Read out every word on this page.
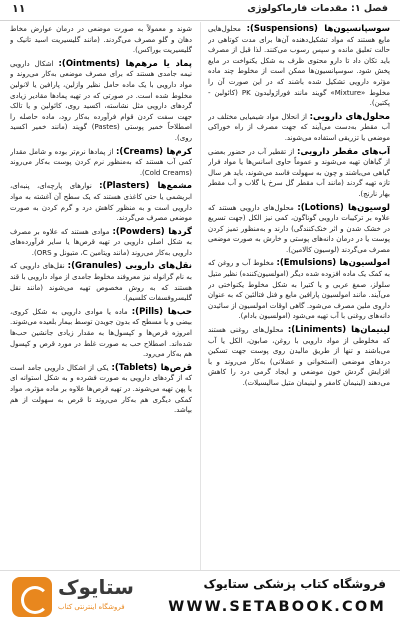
فصل ۱: مقدمات فارماکولوژی
۱۱

سوسپانسیون‌ها (Suspensions): محلول‌هایی مایع هستند که مواد تشکیل‌دهنده آن‌ها برای مدت کوتاهی در حالت تعلیق مانده و سپس رسوب می‌کنند. لذا قبل از مصرف باید تکان داد تا دارو محتوی ظرف به شکل یکنواخت در مایع پخش شود. سوسپانسیون‌ها ممکن است از مخلوط چند ماده مؤثره دارویی تشکیل شده باشند که در این صورت آن را مخلوط «Mixture» گویند مانند فوراژولیدون PK (کائولین - پکتین).

محلول‌های دارویی: از انحلال مواد شیمیایی مختلف در آب مقطر به‌دست می‌آیند که جهت مصرف از راه خوراکی موضعی یا تزریقی استفاده می‌شوند.

آب‌های مقطر دارویی: از تقطیر آب در حضور بعضی از گیاهان تهیه می‌شوند و عموماً حاوی اسانس‌ها یا مواد فرار گیاهی می‌باشند و چون به سهولت فاسد می‌شوند، باید هر سال تازه تهیه گردند (مانند آب مقطر گل سرخ یا گلاب و آب مقطر بهار نارنج).

لوسیون‌ها (Lotions): محلول‌های دارویی هستند که علاوه بر ترکیبات دارویی گوناگون، کمی نیز الکل (جهت تسریع در خشک شدن و اثر خنک‌کنندگی) دارند و به‌منظور تمیز کردن پوست یا در درمان دانه‌های پوستی و خارش به صورت موضعی مصرف می‌گردند (لوسیون کالامین).

امولسیون‌ها (Emulsions): مخلوط آب و روغن که به کمک یک ماده افزوده شده دیگر (امولسیون‌کننده) نظیر متیل سلولز، صمغ عربی و یا کتیرا به شکل مخلوط یکنواختی در می‌آیند. مانند امولسیون پارافین مایع و فنل فتالئین که به عنوان داروی ملین مصرف می‌شود. گاهی اوقات امولسیون از سائیدن دانه‌های روغنی با آب تهیه می‌شود (امولسیون بادام).

لینیمان‌ها (Liniments): محلول‌های روغنی هستند که مخلوطی از مواد دارویی با روغن، صابون، الکل یا آب می‌باشند و تنها از طریق مالیدن روی پوست جهت تسکین دردهای موضعی (استخوانی و عضلانی) به‌کار می‌روند و با افزایش گردش خون موضعی و ایجاد گرمی درد را کاهش می‌دهند (لینیمان کامفر و لینیمان متیل سالیسیلات).

شوند و معمولاً به صورت موضعی در درمان عوارض مخاط دهان و گلو مصرف می‌گردند. (مانند گلیسیریت اسید تانیک و گلیسیریت بوراکس).

پماد یا مرهم‌ها (Ointments): اشکال دارویی نیمه جامدی هستند که برای مصرف موضعی به‌کار می‌روند و مواد دارویی با یک ماده حامل نظیر وازلین، پارافین یا لانولین مخلوط شده است. در صورتی که در تهیه پمادها مقادیر زیادی گردهای دارویی مثل نشاسته، اکسید روی، کائولین و یا تالک جهت سفت کردن قوام فرآورده به‌کار رود، ماده حاصله را اصطلاحاً خمیر پوستی (Pastes) گویند (مانند خمیر اکسید روی).

کرم‌ها (Creams): از پمادها نرم‌تر بوده و شامل مقدار کمی آب هستند که به‌منظور نرم کردن پوست به‌کار می‌روند (Cold Creams).

مشمع‌ها (Plasters): نوارهای پارچه‌ای، پنبه‌ای، ابریشمی یا حتی کاغذی هستند که یک سطح آن آغشته به مواد دارویی است و به منظور کاهش درد و گرم کردن به صورت موضعی مصرف می‌گردند.

گردها (Powders): موادی هستند که علاوه بر مصرف به شکل اصلی دارویی در تهیه قرص‌ها یا سایر فرآورده‌های دارویی به‌کار می‌روند (مانند ویتامین C، متیونل و ORS).

نقل‌های دارویی (Granules): نقل‌های دارویی که به نام گرانوله نیز معروفند مخلوط جامدی از مواد دارویی با قند هستند که به روش مخصوص تهیه می‌شوند (مانند نقل گلیسروفسفات کلسیم).

حب‌ها (Pills): ماده یا موادی دارویی به شکل کروی، بیضی و یا مسطح که بدون جویدن توسط بیمار بلعیده می‌شوند. امروزه قرص‌ها و کپسول‌ها به مقدار زیادی جانشین حب‌ها شده‌اند. اصطلاح حب به صورت غلط در مورد قرص و کپسول هم به‌کار می‌رود.

قرص‌ها (Tablets): یکی از اشکال دارویی جامد است که از گردهای دارویی به صورت فشرده و به شکل استوانه ای یا پهن تهیه می‌شوند. در تهیه قرص‌ها علاوه بر ماده مؤثره، مواد کمکی دیگری هم به‌کار می‌روند تا قرص به سهولت از هم بپاشد.

ستایوک
فروشگاه اینترنتی کتاب
فروشگاه کتاب پزشکی ستایوک
WWW.SETABOOK.COM
